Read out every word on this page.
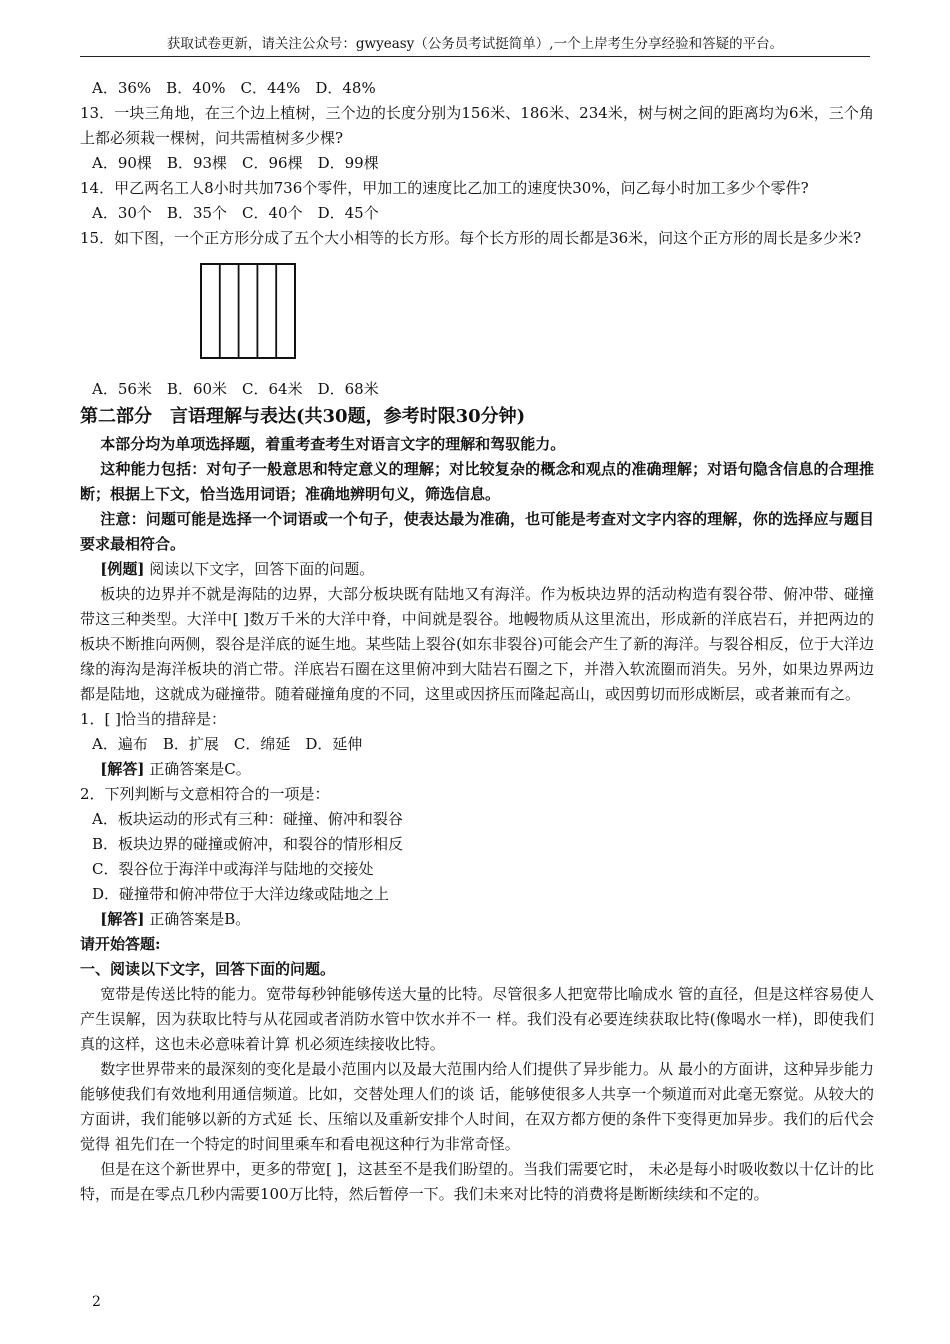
获取试卷更新，请关注公众号：gwyeasy（公务员考试挺简单）,一个上岸考生分享经验和答疑的平台。

A．36%　B．40%　C．44%　D．48%

13．一块三角地，在三个边上植树，三个边的长度分别为156米、186米、234米，树与树之间的距离均为6米，三个角上都必须栽一棵树，问共需植树多少棵?

A．90棵　B．93棵　C．96棵　D．99棵

14．甲乙两名工人8小时共加736个零件，甲加工的速度比乙加工的速度快30%，问乙每小时加工多少个零件?

A．30个　B．35个　C．40个　D．45个

15．如下图，一个正方形分成了五个大小相等的长方形。每个长方形的周长都是36米，问这个正方形的周长是多少米?

A．56米　B．60米　C．64米　D．68米

第二部分　言语理解与表达(共30题，参考时限30分钟)

本部分均为单项选择题，着重考查考生对语言文字的理解和驾驭能力。

这种能力包括：对句子一般意思和特定意义的理解；对比较复杂的概念和观点的准确理解；对语句隐含信息的合理推断；根据上下文，恰当选用词语；准确地辨明句义，筛选信息。

注意：问题可能是选择一个词语或一个句子，使表达最为准确，也可能是考查对文字内容的理解，你的选择应与题目要求最相符合。

[例题] 阅读以下文字，回答下面的问题。

板块的边界并不就是海陆的边界，大部分板块既有陆地又有海洋。作为板块边界的活动构造有裂谷带、俯冲带、碰撞带这三种类型。大洋中[ ]数万千米的大洋中脊，中间就是裂谷。地幔物质从这里流出，形成新的洋底岩石，并把两边的板块不断推向两侧，裂谷是洋底的诞生地。某些陆上裂谷(如东非裂谷)可能会产生了新的海洋。与裂谷相反，位于大洋边缘的海沟是海洋板块的消亡带。洋底岩石圈在这里俯冲到大陆岩石圈之下，并潜入软流圈而消失。另外，如果边界两边都是陆地，这就成为碰撞带。随着碰撞角度的不同，这里或因挤压而隆起高山，或因剪切而形成断层，或者兼而有之。

1．[ ]恰当的措辞是：

A．遍布　B．扩展　C．绵延　D．延伸

[解答] 正确答案是C。

2．下列判断与文意相符合的一项是：

A．板块运动的形式有三种：碰撞、俯冲和裂谷

B．板块边界的碰撞或俯冲，和裂谷的情形相反

C．裂谷位于海洋中或海洋与陆地的交接处

D．碰撞带和俯冲带位于大洋边缘或陆地之上

[解答] 正确答案是B。

请开始答题:

一、阅读以下文字，回答下面的问题。

宽带是传送比特的能力。宽带每秒钟能够传送大量的比特。尽管很多人把宽带比喻成水 管的直径，但是这样容易使人产生误解，因为获取比特与从花园或者消防水管中饮水并不一 样。我们没有必要连续获取比特(像喝水一样)，即使我们真的这样，这也未必意味着计算 机必须连续接收比特。

数字世界带来的最深刻的变化是最小范围内以及最大范围内给人们提供了异步能力。从 最小的方面讲，这种异步能力能够使我们有效地利用通信频道。比如，交替处理人们的谈 话，能够使很多人共享一个频道而对此毫无察觉。从较大的方面讲，我们能够以新的方式延 长、压缩以及重新安排个人时间，在双方都方便的条件下变得更加异步。我们的后代会觉得 祖先们在一个特定的时间里乘车和看电视这种行为非常奇怪。

但是在这个新世界中，更多的带宽[ ]，这甚至不是我们盼望的。当我们需要它时， 未必是每小时吸收数以十亿计的比特，而是在零点几秒内需要100万比特，然后暂停一下。我们未来对比特的消费将是断断续续和不定的。

2
